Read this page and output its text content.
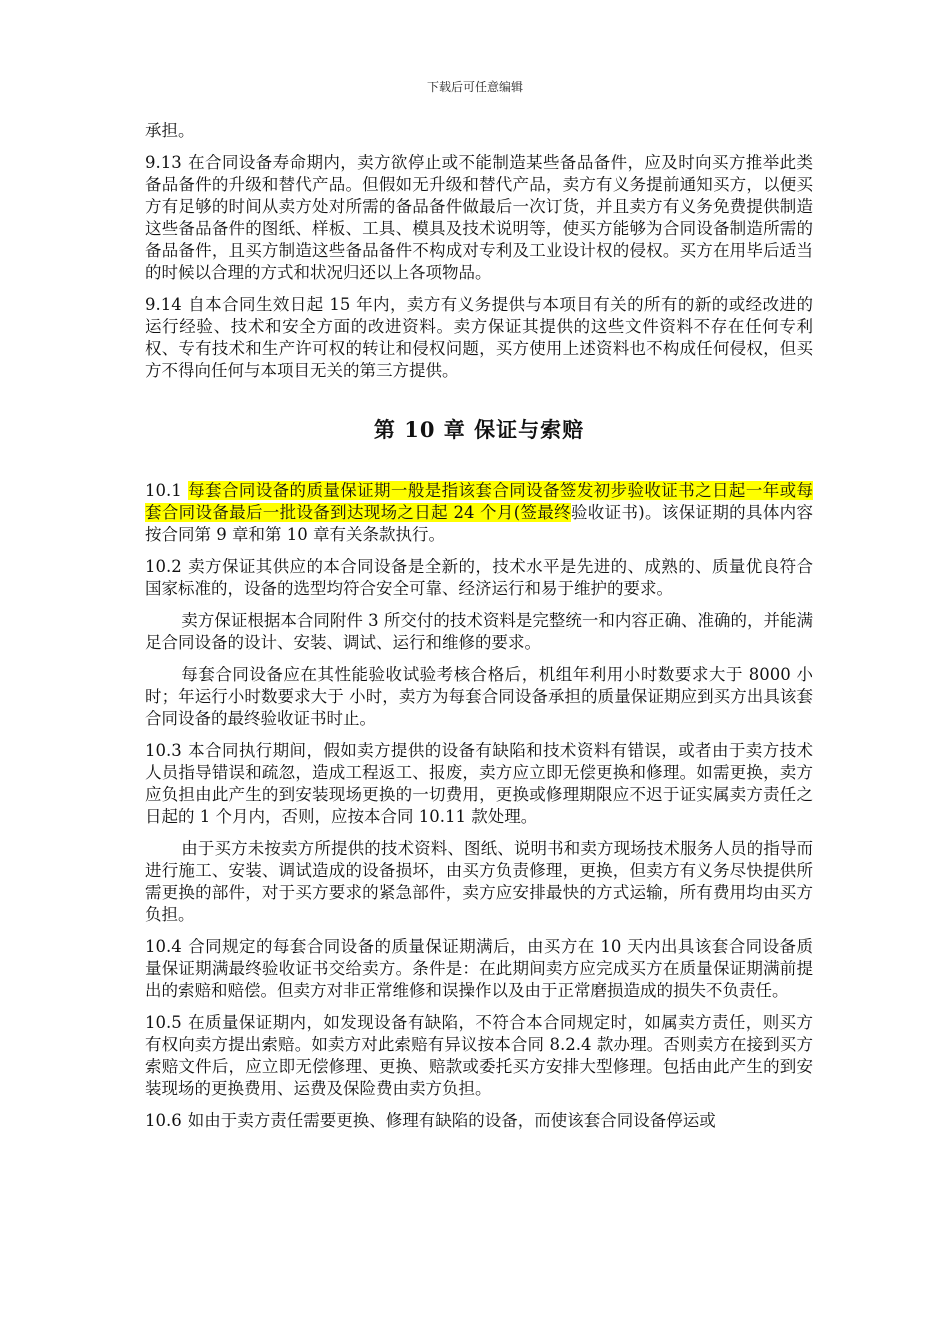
下载后可任意编辑

承担。

9.13 在合同设备寿命期内，卖方欲停止或不能制造某些备品备件，应及时向买方推举此类备品备件的升级和替代产品。但假如无升级和替代产品，卖方有义务提前通知买方，以便买方有足够的时间从卖方处对所需的备品备件做最后一次订货，并且卖方有义务免费提供制造这些备品备件的图纸、样板、工具、模具及技术说明等，使买方能够为合同设备制造所需的备品备件，且买方制造这些备品备件不构成对专利及工业设计权的侵权。买方在用毕后适当的时候以合理的方式和状况归还以上各项物品。

9.14 自本合同生效日起 15 年内，卖方有义务提供与本项目有关的所有的新的或经改进的运行经验、技术和安全方面的改进资料。卖方保证其提供的这些文件资料不存在任何专利权、专有技术和生产许可权的转让和侵权问题，买方使用上述资料也不构成任何侵权，但买方不得向任何与本项目无关的第三方提供。

第 10 章 保证与索赔

10.1 每套合同设备的质量保证期一般是指该套合同设备签发初步验收证书之日起一年或每套合同设备最后一批设备到达现场之日起 24 个月(签最终验收证书)。该保证期的具体内容按合同第 9 章和第 10 章有关条款执行。

10.2 卖方保证其供应的本合同设备是全新的，技术水平是先进的、成熟的、质量优良符合国家标准的，设备的选型均符合安全可靠、经济运行和易于维护的要求。

卖方保证根据本合同附件 3 所交付的技术资料是完整统一和内容正确、准确的，并能满足合同设备的设计、安装、调试、运行和维修的要求。

每套合同设备应在其性能验收试验考核合格后，机组年利用小时数要求大于 8000 小时；年运行小时数要求大于 小时，卖方为每套合同设备承担的质量保证期应到买方出具该套合同设备的最终验收证书时止。

10.3 本合同执行期间，假如卖方提供的设备有缺陷和技术资料有错误，或者由于卖方技术人员指导错误和疏忽，造成工程返工、报废，卖方应立即无偿更换和修理。如需更换，卖方应负担由此产生的到安装现场更换的一切费用，更换或修理期限应不迟于证实属卖方责任之日起的 1 个月内，否则，应按本合同 10.11 款处理。

由于买方未按卖方所提供的技术资料、图纸、说明书和卖方现场技术服务人员的指导而进行施工、安装、调试造成的设备损坏，由买方负责修理，更换，但卖方有义务尽快提供所需更换的部件，对于买方要求的紧急部件，卖方应安排最快的方式运输，所有费用均由买方负担。

10.4 合同规定的每套合同设备的质量保证期满后，由买方在 10 天内出具该套合同设备质量保证期满最终验收证书交给卖方。条件是：在此期间卖方应完成买方在质量保证期满前提出的索赔和赔偿。但卖方对非正常维修和误操作以及由于正常磨损造成的损失不负责任。

10.5 在质量保证期内，如发现设备有缺陷，不符合本合同规定时，如属卖方责任，则买方有权向卖方提出索赔。如卖方对此索赔有异议按本合同 8.2.4 款办理。否则卖方在接到买方索赔文件后，应立即无偿修理、更换、赔款或委托买方安排大型修理。包括由此产生的到安装现场的更换费用、运费及保险费由卖方负担。

10.6 如由于卖方责任需要更换、修理有缺陷的设备，而使该套合同设备停运或
